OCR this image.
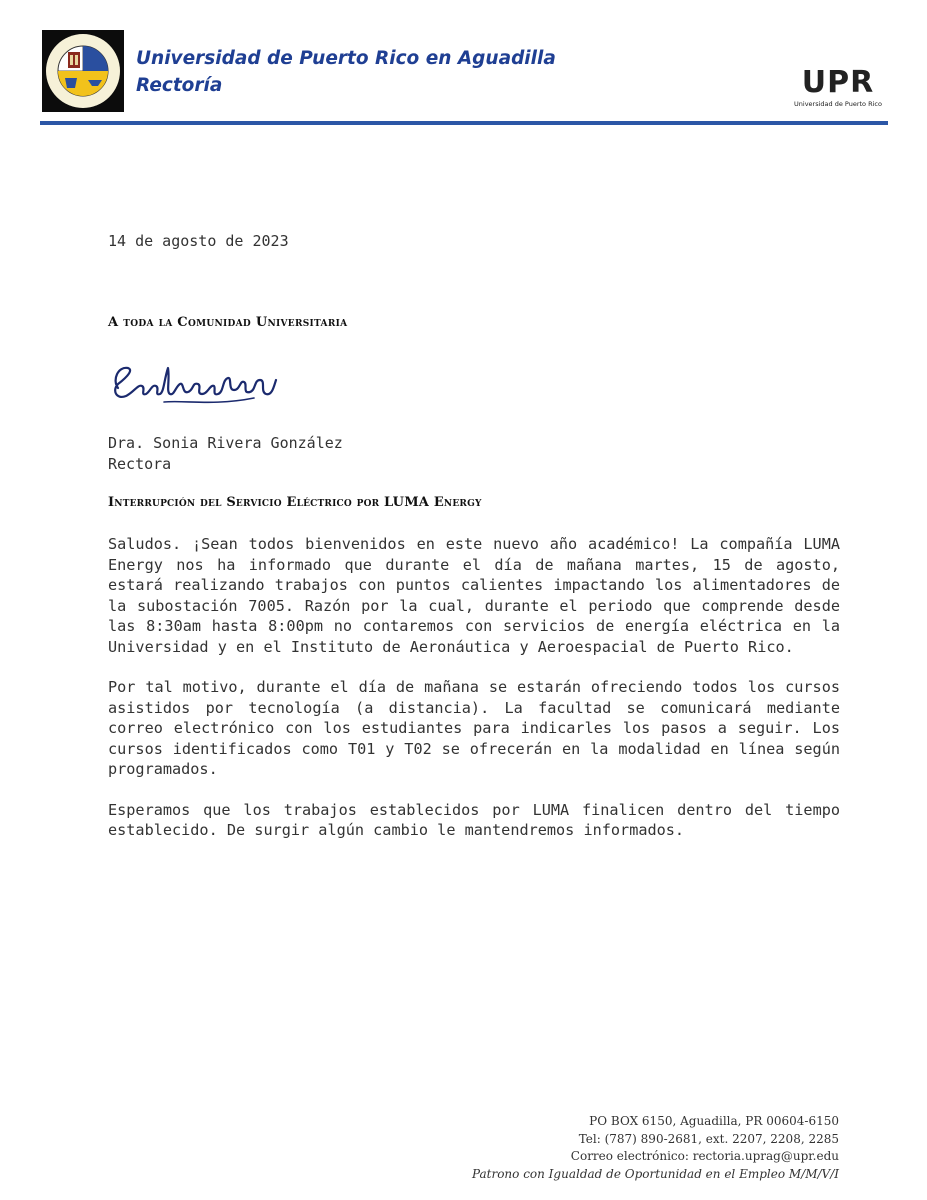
Universidad de Puerto Rico en Aguadilla
Rectoría	UPR
Universidad de Puerto Rico
14 de agosto de 2023
A toda la Comunidad Universitaria
Dra. Sonia Rivera González
Rectora
Interrupción del Servicio Eléctrico por LUMA Energy

Saludos. ¡Sean todos bienvenidos en este nuevo año académico! La compañía LUMA Energy nos ha informado que durante el día de mañana martes, 15 de agosto, estará realizando trabajos con puntos calientes impactando los alimentadores de la subostación 7005. Razón por la cual, durante el periodo que comprende desde las 8:30am hasta 8:00pm no contaremos con servicios de energía eléctrica en la Universidad y en el Instituto de Aeronáutica y Aeroespacial de Puerto Rico.

Por tal motivo, durante el día de mañana se estarán ofreciendo todos los cursos asistidos por tecnología (a distancia). La facultad se comunicará mediante correo electrónico con los estudiantes para indicarles los pasos a seguir. Los cursos identificados como T01 y T02 se ofrecerán en la modalidad en línea según programados.

Esperamos que los trabajos establecidos por LUMA finalicen dentro del tiempo establecido. De surgir algún cambio le mantendremos informados.

PO BOX 6150, Aguadilla, PR 00604-6150
Tel: (787) 890-2681, ext. 2207, 2208, 2285
Correo electrónico: rectoria.uprag@upr.edu
Patrono con Igualdad de Oportunidad en el Empleo M/M/V/I
